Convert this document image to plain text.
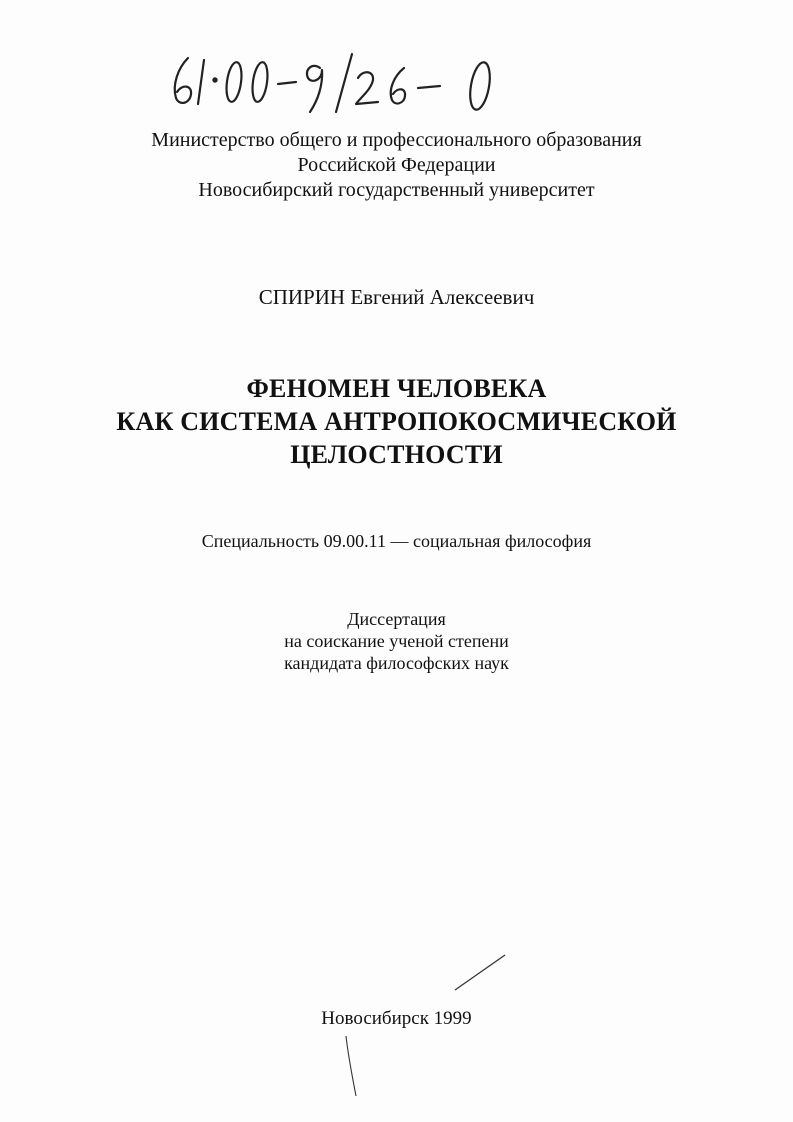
Министерство общего и профессионального образования
Российской Федерации
Новосибирский государственный университет
СПИРИН Евгений Алексеевич
ФЕНОМЕН ЧЕЛОВЕКА
КАК СИСТЕМА АНТРОПОКОСМИЧЕСКОЙ
ЦЕЛОСТНОСТИ
Специальность 09.00.11 — социальная философия
Диссертация
на соискание ученой степени
кандидата философских наук
Новосибирск 1999
